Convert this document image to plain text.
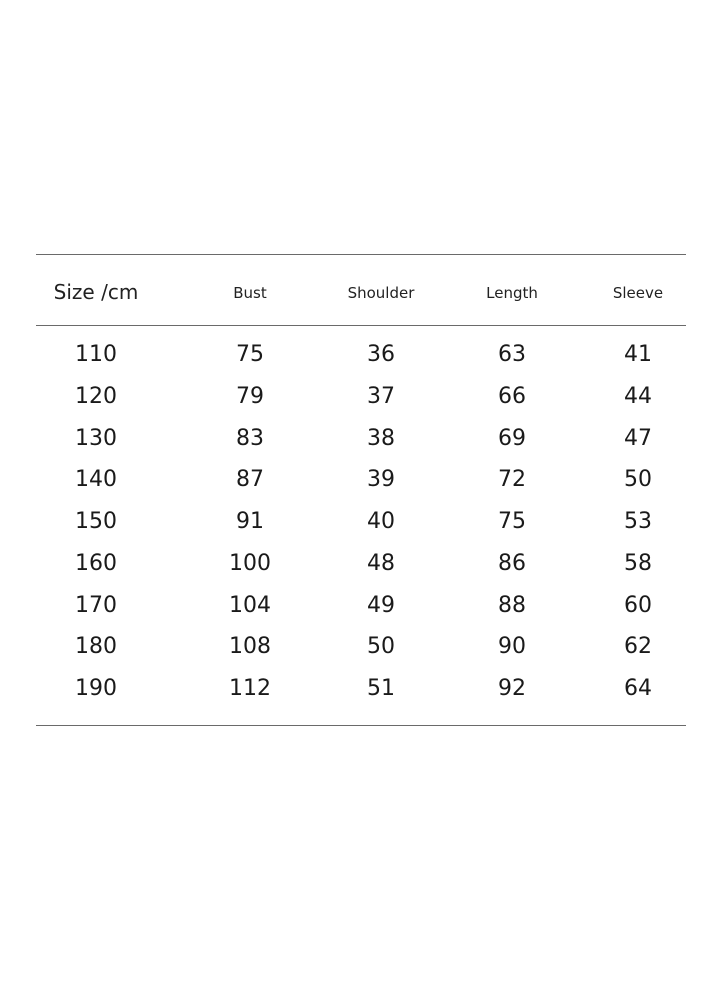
Size /cm	Bust	Shoulder	Length	Sleeve
110	75	36	63	41
120	79	37	66	44
130	83	38	69	47
140	87	39	72	50
150	91	40	75	53
160	100	48	86	58
170	104	49	88	60
180	108	50	90	62
190	112	51	92	64
